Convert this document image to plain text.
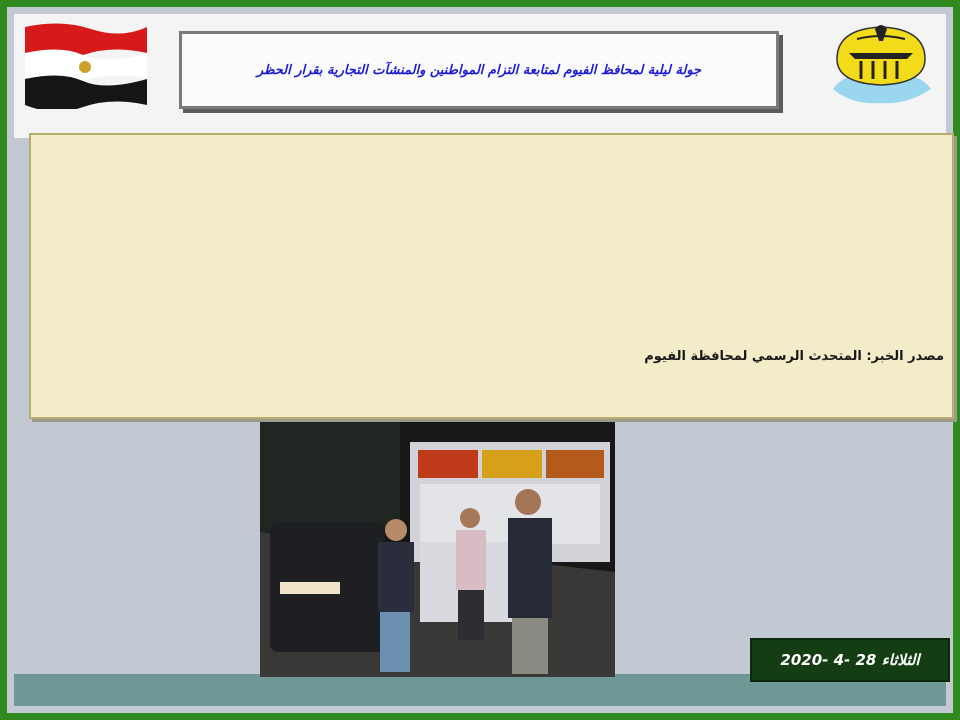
جولة ليلية لمحافظ الفيوم لمتابعة التزام المواطنين والمنشآت التجارية بقرار الحظر
مصدر الخبر: المتحدث الرسمي لمحافظة الفيوم
الثلاثاء 28 -4 -2020
